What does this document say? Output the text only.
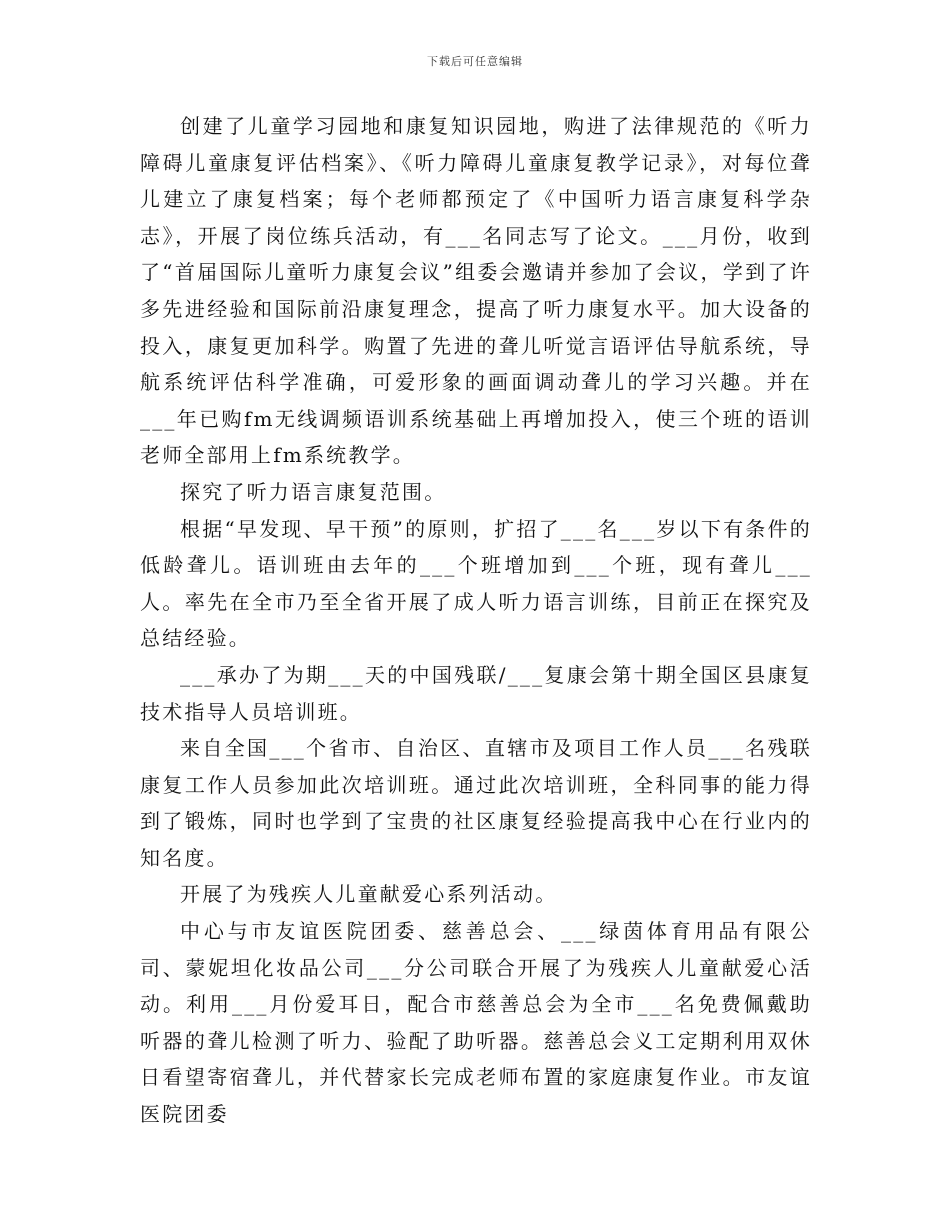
下载后可任意编辑

创建了儿童学习园地和康复知识园地，购进了法律规范的《听力障碍儿童康复评估档案》、《听力障碍儿童康复教学记录》，对每位聋儿建立了康复档案；每个老师都预定了《中国听力语言康复科学杂志》，开展了岗位练兵活动，有___名同志写了论文。___月份，收到了“首届国际儿童听力康复会议”组委会邀请并参加了会议，学到了许多先进经验和国际前沿康复理念，提高了听力康复水平。加大设备的投入，康复更加科学。购置了先进的聋儿听觉言语评估导航系统，导航系统评估科学准确，可爱形象的画面调动聋儿的学习兴趣。并在___年已购fm无线调频语训系统基础上再增加投入，使三个班的语训老师全部用上fm系统教学。

探究了听力语言康复范围。

根据“早发现、早干预”的原则，扩招了___名___岁以下有条件的低龄聋儿。语训班由去年的___个班增加到___个班，现有聋儿___人。率先在全市乃至全省开展了成人听力语言训练，目前正在探究及总结经验。

___承办了为期___天的中国残联/___复康会第十期全国区县康复技术指导人员培训班。

来自全国___个省市、自治区、直辖市及项目工作人员___名残联康复工作人员参加此次培训班。通过此次培训班，全科同事的能力得到了锻炼，同时也学到了宝贵的社区康复经验提高我中心在行业内的知名度。

开展了为残疾人儿童献爱心系列活动。

中心与市友谊医院团委、慈善总会、___绿茵体育用品有限公司、蒙妮坦化妆品公司___分公司联合开展了为残疾人儿童献爱心活动。利用___月份爱耳日，配合市慈善总会为全市___名免费佩戴助听器的聋儿检测了听力、验配了助听器。慈善总会义工定期利用双休日看望寄宿聋儿，并代替家长完成老师布置的家庭康复作业。市友谊医院团委
